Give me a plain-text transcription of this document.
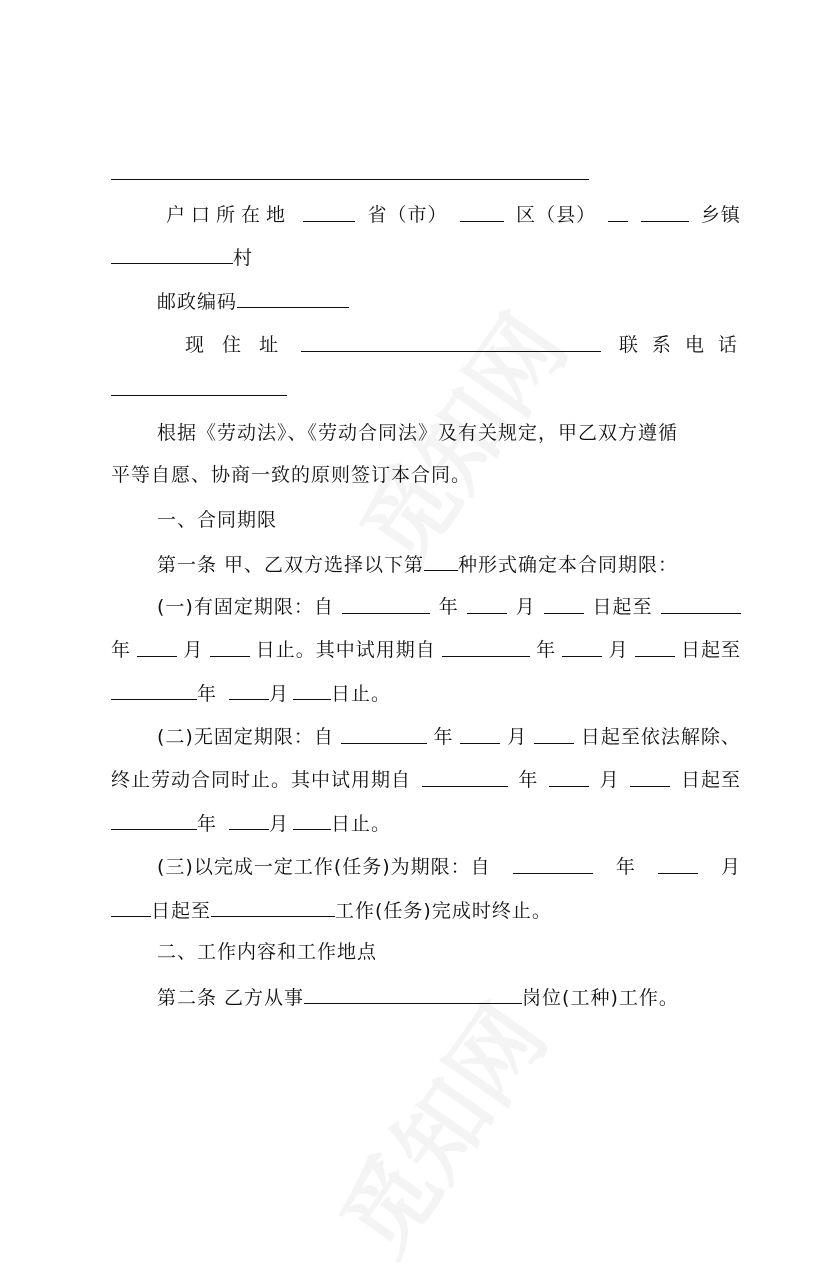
户口所在地	省（市）	区（县）	乡镇
村
邮政编码
现 住 址	联 系 电 话
根据《劳动法》、《劳动合同法》及有关规定，甲乙双方遵循
平等自愿、协商一致的原则签订本合同。
一、合同期限
第一条 甲、乙双方选择以下第 种形式确定本合同期限：
(一)有固定期限：自	年	月	日起至
年	月	日止。其中试用期自	年	月	日起至
年	月 日止。
(二)无固定期限：自	年	月	日起至依法解除、
终止劳动合同时止。其中试用期自	年	月	日起至
年	月 日止。
(三)以完成一定工作(任务)为期限：自	年	月
日起至	工作(任务)完成时终止。
二、工作内容和工作地点
第二条 乙方从事	岗位(工种)工作。
